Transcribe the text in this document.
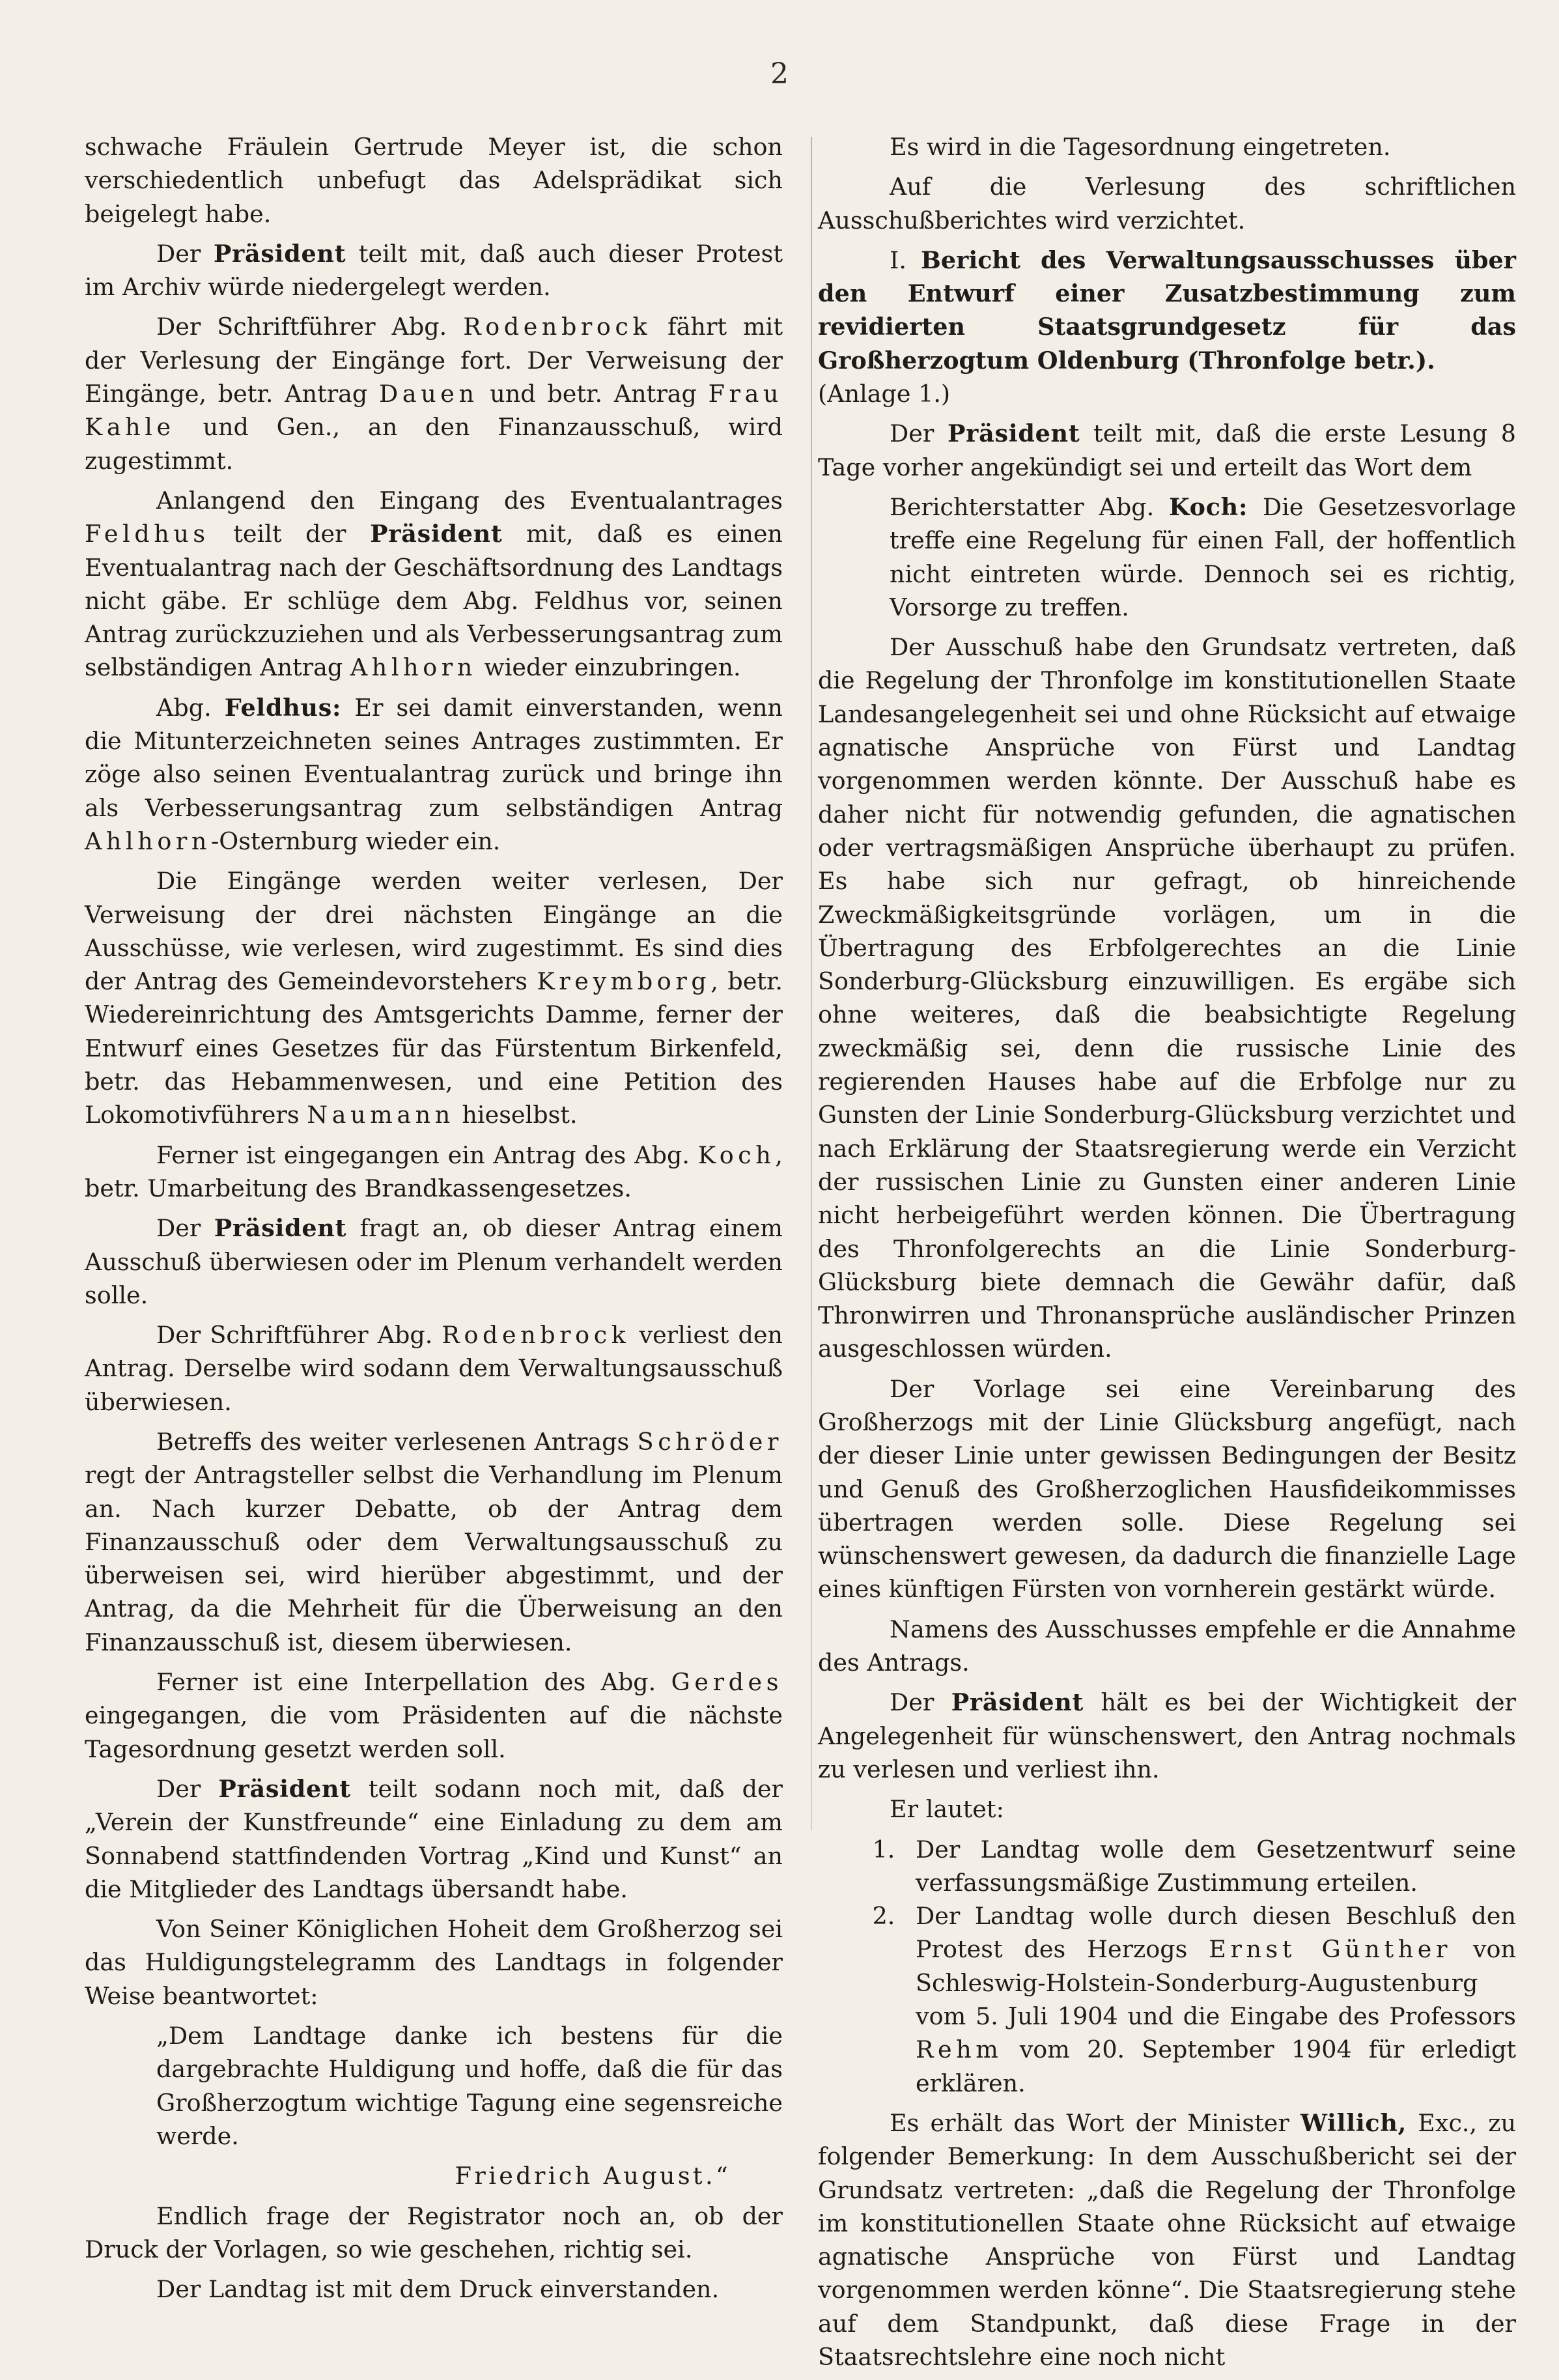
2

schwache Fräulein Gertrude Meyer ist, die schon verschiedentlich unbefugt das Adelsprädikat sich beigelegt habe.

Der Präsident teilt mit, daß auch dieser Protest im Archiv würde niedergelegt werden.

Der Schriftführer Abg. Rodenbrock fährt mit der Verlesung der Eingänge fort. Der Verweisung der Eingänge, betr. Antrag Dauen und betr. Antrag Frau Kahle und Gen., an den Finanzausschuß, wird zugestimmt.

Anlangend den Eingang des Eventualantrages Feldhus teilt der Präsident mit, daß es einen Eventualantrag nach der Geschäftsordnung des Landtags nicht gäbe. Er schlüge dem Abg. Feldhus vor, seinen Antrag zurückzuziehen und als Verbesserungsantrag zum selbständigen Antrag Ahlhorn wieder einzubringen.

Abg. Feldhus: Er sei damit einverstanden, wenn die Mitunterzeichneten seines Antrages zustimmten. Er zöge also seinen Eventualantrag zurück und bringe ihn als Verbesserungsantrag zum selbständigen Antrag Ahlhorn-Osternburg wieder ein.

Die Eingänge werden weiter verlesen, Der Verweisung der drei nächsten Eingänge an die Ausschüsse, wie verlesen, wird zugestimmt. Es sind dies der Antrag des Gemeindevorstehers Kreymborg, betr. Wiedereinrichtung des Amtsgerichts Damme, ferner der Entwurf eines Gesetzes für das Fürstentum Birkenfeld, betr. das Hebammenwesen, und eine Petition des Lokomotivführers Naumann hieselbst.

Ferner ist eingegangen ein Antrag des Abg. Koch, betr. Umarbeitung des Brandkassengesetzes.

Der Präsident fragt an, ob dieser Antrag einem Ausschuß überwiesen oder im Plenum verhandelt werden solle.

Der Schriftführer Abg. Rodenbrock verliest den Antrag. Derselbe wird sodann dem Verwaltungsausschuß überwiesen.

Betreffs des weiter verlesenen Antrags Schröder regt der Antragsteller selbst die Verhandlung im Plenum an. Nach kurzer Debatte, ob der Antrag dem Finanzausschuß oder dem Verwaltungsausschuß zu überweisen sei, wird hierüber abgestimmt, und der Antrag, da die Mehrheit für die Überweisung an den Finanzausschuß ist, diesem überwiesen.

Ferner ist eine Interpellation des Abg. Gerdes eingegangen, die vom Präsidenten auf die nächste Tagesordnung gesetzt werden soll.

Der Präsident teilt sodann noch mit, daß der „Verein der Kunstfreunde“ eine Einladung zu dem am Sonnabend stattfindenden Vortrag „Kind und Kunst“ an die Mitglieder des Landtags übersandt habe.

Von Seiner Königlichen Hoheit dem Großherzog sei das Huldigungstelegramm des Landtags in folgender Weise beantwortet:

„Dem Landtage danke ich bestens für die dargebrachte Huldigung und hoffe, daß die für das Großherzogtum wichtige Tagung eine segensreiche werde.

Friedrich August.“

Endlich frage der Registrator noch an, ob der Druck der Vorlagen, so wie geschehen, richtig sei.

Der Landtag ist mit dem Druck einverstanden.

Es wird in die Tagesordnung eingetreten.

Auf die Verlesung des schriftlichen Ausschußberichtes wird verzichtet.

I. Bericht des Verwaltungsausschusses über den Entwurf einer Zusatzbestimmung zum revidierten Staatsgrundgesetz für das Großherzogtum Oldenburg (Thronfolge betr.).
(Anlage 1.)

Der Präsident teilt mit, daß die erste Lesung 8 Tage vorher angekündigt sei und erteilt das Wort dem

Berichterstatter Abg. Koch: Die Gesetzesvorlage treffe eine Regelung für einen Fall, der hoffentlich nicht eintreten würde. Dennoch sei es richtig, Vorsorge zu treffen.

Der Ausschuß habe den Grundsatz vertreten, daß die Regelung der Thronfolge im konstitutionellen Staate Landesangelegenheit sei und ohne Rücksicht auf etwaige agnatische Ansprüche von Fürst und Landtag vorgenommen werden könnte. Der Ausschuß habe es daher nicht für notwendig gefunden, die agnatischen oder vertragsmäßigen Ansprüche überhaupt zu prüfen. Es habe sich nur gefragt, ob hinreichende Zweckmäßigkeitsgründe vorlägen, um in die Übertragung des Erbfolgerechtes an die Linie Sonderburg-Glücksburg einzuwilligen. Es ergäbe sich ohne weiteres, daß die beabsichtigte Regelung zweckmäßig sei, denn die russische Linie des regierenden Hauses habe auf die Erbfolge nur zu Gunsten der Linie Sonderburg-Glücksburg verzichtet und nach Erklärung der Staatsregierung werde ein Verzicht der russischen Linie zu Gunsten einer anderen Linie nicht herbeigeführt werden können. Die Übertragung des Thronfolgerechts an die Linie Sonderburg-Glücksburg biete demnach die Gewähr dafür, daß Thronwirren und Thronansprüche ausländischer Prinzen ausgeschlossen würden.

Der Vorlage sei eine Vereinbarung des Großherzogs mit der Linie Glücksburg angefügt, nach der dieser Linie unter gewissen Bedingungen der Besitz und Genuß des Großherzoglichen Hausfideikommisses übertragen werden solle. Diese Regelung sei wünschenswert gewesen, da dadurch die finanzielle Lage eines künftigen Fürsten von vornherein gestärkt würde.

Namens des Ausschusses empfehle er die Annahme des Antrags.

Der Präsident hält es bei der Wichtigkeit der Angelegenheit für wünschenswert, den Antrag nochmals zu verlesen und verliest ihn.

Er lautet:

1. Der Landtag wolle dem Gesetzentwurf seine verfassungsmäßige Zustimmung erteilen.
2. Der Landtag wolle durch diesen Beschluß den Protest des Herzogs Ernst Günther von Schleswig-Holstein-Sonderburg-Augustenburg vom 5. Juli 1904 und die Eingabe des Professors Rehm vom 20. September 1904 für erledigt erklären.

Es erhält das Wort der Minister Willich, Exc., zu folgender Bemerkung: In dem Ausschußbericht sei der Grundsatz vertreten: „daß die Regelung der Thronfolge im konstitutionellen Staate ohne Rücksicht auf etwaige agnatische Ansprüche von Fürst und Landtag vorgenommen werden könne“. Die Staatsregierung stehe auf dem Standpunkt, daß diese Frage in der Staatsrechtslehre eine noch nicht
